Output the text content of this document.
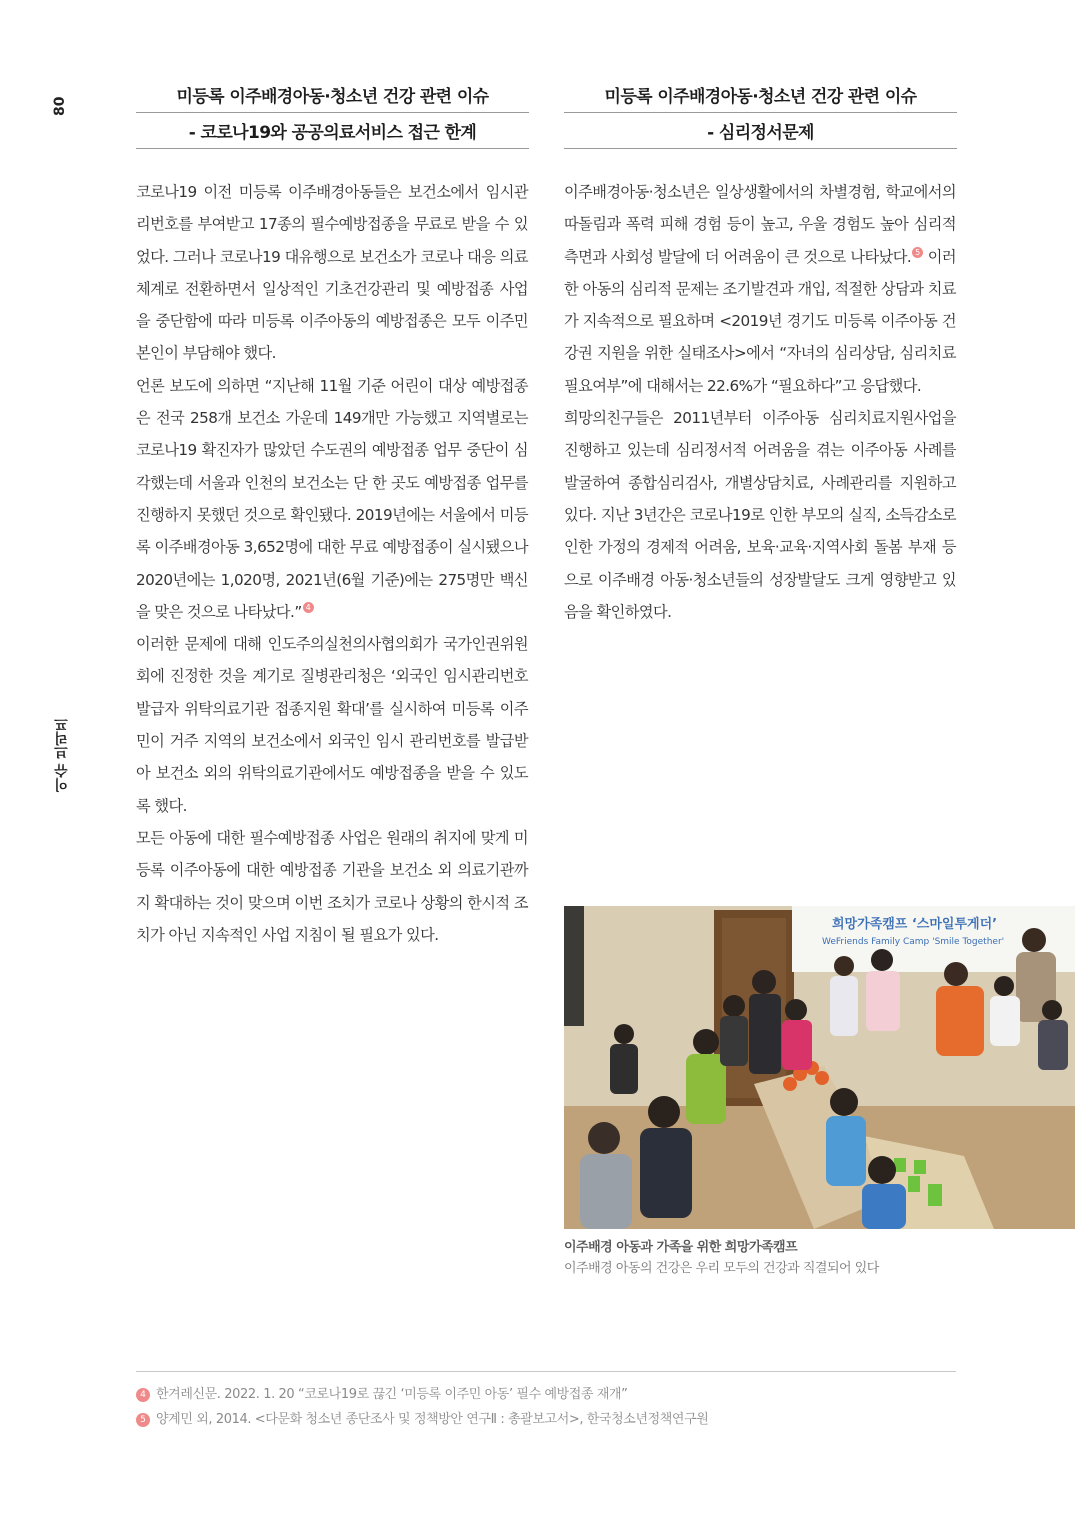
80
이슈 브리프
미등록 이주배경아동·청소년 건강 관련 이슈
- 코로나19와 공공의료서비스 접근 한계
미등록 이주배경아동·청소년 건강 관련 이슈
- 심리정서문제

코로나19 이전 미등록 이주배경아동들은 보건소에서 임시관리번호를 부여받고 17종의 필수예방접종을 무료로 받을 수 있었다. 그러나 코로나19 대유행으로 보건소가 코로나 대응 의료체계로 전환하면서 일상적인 기초건강관리 및 예방접종 사업을 중단함에 따라 미등록 이주아동의 예방접종은 모두 이주민 본인이 부담해야 했다.

언론 보도에 의하면 “지난해 11월 기준 어린이 대상 예방접종은 전국 258개 보건소 가운데 149개만 가능했고 지역별로는 코로나19 확진자가 많았던 수도권의 예방접종 업무 중단이 심각했는데 서울과 인천의 보건소는 단 한 곳도 예방접종 업무를 진행하지 못했던 것으로 확인됐다. 2019년에는 서울에서 미등록 이주배경아동 3,652명에 대한 무료 예방접종이 실시됐으나 2020년에는 1,020명, 2021년(6월 기준)에는 275명만 백신을 맞은 것으로 나타났다.” 4

이러한 문제에 대해 인도주의실천의사협의회가 국가인권위원회에 진정한 것을 계기로 질병관리청은 ‘외국인 임시관리번호발급자 위탁의료기관 접종지원 확대’를 실시하여 미등록 이주민이 거주 지역의 보건소에서 외국인 임시 관리번호를 발급받아 보건소 외의 위탁의료기관에서도 예방접종을 받을 수 있도록 했다.

모든 아동에 대한 필수예방접종 사업은 원래의 취지에 맞게 미등록 이주아동에 대한 예방접종 기관을 보건소 외 의료기관까지 확대하는 것이 맞으며 이번 조치가 코로나 상황의 한시적 조치가 아닌 지속적인 사업 지침이 될 필요가 있다.

이주배경아동·청소년은 일상생활에서의 차별경험, 학교에서의 따돌림과 폭력 피해 경험 등이 높고, 우울 경험도 높아 심리적 측면과 사회성 발달에 더 어려움이 큰 것으로 나타났다. 5 이러한 아동의 심리적 문제는 조기발견과 개입, 적절한 상담과 치료가 지속적으로 필요하며 <2019년 경기도 미등록 이주아동 건강권 지원을 위한 실태조사>에서 “자녀의 심리상담, 심리치료 필요여부”에 대해서는 22.6%가 “필요하다”고 응답했다.

희망의친구들은 2011년부터 이주아동 심리치료지원사업을 진행하고 있는데 심리정서적 어려움을 겪는 이주아동 사례를 발굴하여 종합심리검사, 개별상담치료, 사례관리를 지원하고 있다. 지난 3년간은 코로나19로 인한 부모의 실직, 소득감소로 인한 가정의 경제적 어려움, 보육·교육·지역사회 돌봄 부재 등으로 이주배경 아동·청소년들의 성장발달도 크게 영향받고 있음을 확인하였다.

희망가족캠프 ‘스마일투게더’
WeFriends Family Camp 'Smile Together'
이주배경 아동과 가족을 위한 희망가족캠프
이주배경 아동의 건강은 우리 모두의 건강과 직결되어 있다
4 한겨레신문. 2022. 1. 20 “코로나19로 끊긴 ‘미등록 이주민 아동’ 필수 예방접종 재개”
5 양계민 외, 2014. <다문화 청소년 종단조사 및 정책방안 연구Ⅱ : 총괄보고서>, 한국청소년정책연구원
